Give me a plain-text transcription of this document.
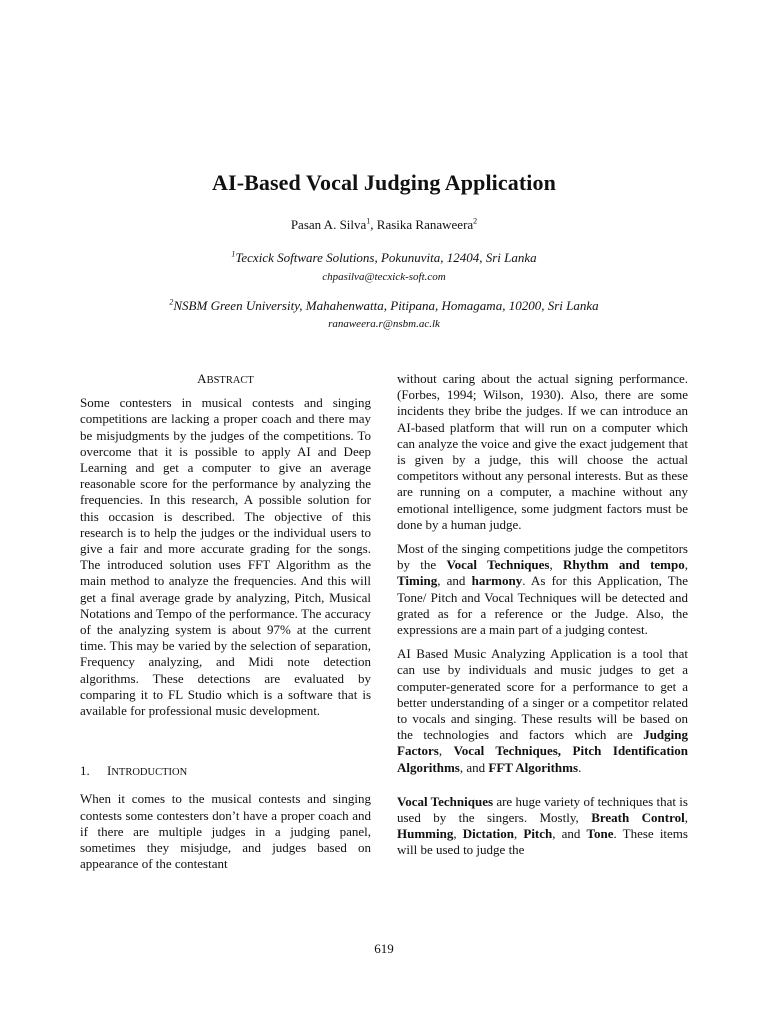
AI-Based Vocal Judging Application
Pasan A. Silva$^1$, Rasika Ranaweera$^2$
$^1$Tecxick Software Solutions, Pokunuvita, 12404, Sri Lanka
chpasilva@tecxick-soft.com
$^2$NSBM Green University, Mahahenwatta, Pitipana, Homagama, 10200, Sri Lanka
ranaweera.r@nsbm.ac.lk
ABSTRACT

Some contesters in musical contests and singing competitions are lacking a proper coach and there may be misjudgments by the judges of the competitions. To overcome that it is possible to apply AI and Deep Learning and get a computer to give an average reasonable score for the performance by analyzing the frequencies. In this research, A possible solution for this occasion is described. The objective of this research is to help the judges or the individual users to give a fair and more accurate grading for the songs. The introduced solution uses FFT Algorithm as the main method to analyze the frequencies. And this will get a final average grade by analyzing, Pitch, Musical Notations and Tempo of the performance. The accuracy of the analyzing system is about 97% at the current time. This may be varied by the selection of separation, Frequency analyzing, and Midi note detection algorithms. These detections are evaluated by comparing it to FL Studio which is a software that is available for professional music development.

1. INTRODUCTION

When it comes to the musical contests and singing contests some contesters don’t have a proper coach and if there are multiple judges in a judging panel, sometimes they misjudge, and judges based on appearance of the contestant

without caring about the actual signing performance. (Forbes, 1994; Wilson, 1930). Also, there are some incidents they bribe the judges. If we can introduce an AI-based platform that will run on a computer which can analyze the voice and give the exact judgement that is given by a judge, this will choose the actual competitors without any personal interests. But as these are running on a computer, a machine without any emotional intelligence, some judgment factors must be done by a human judge.

Most of the singing competitions judge the competitors by the Vocal Techniques, Rhythm and tempo, Timing, and harmony. As for this Application, The Tone/ Pitch and Vocal Techniques will be detected and grated as for a reference or the Judge. Also, the expressions are a main part of a judging contest.

AI Based Music Analyzing Application is a tool that can use by individuals and music judges to get a computer-generated score for a performance to get a better understanding of a singer or a competitor related to vocals and singing. These results will be based on the technologies and factors which are Judging Factors, Vocal Techniques, Pitch Identification Algorithms, and FFT Algorithms.

Vocal Techniques are huge variety of techniques that is used by the singers. Mostly, Breath Control, Humming, Dictation, Pitch, and Tone. These items will be used to judge the

619
